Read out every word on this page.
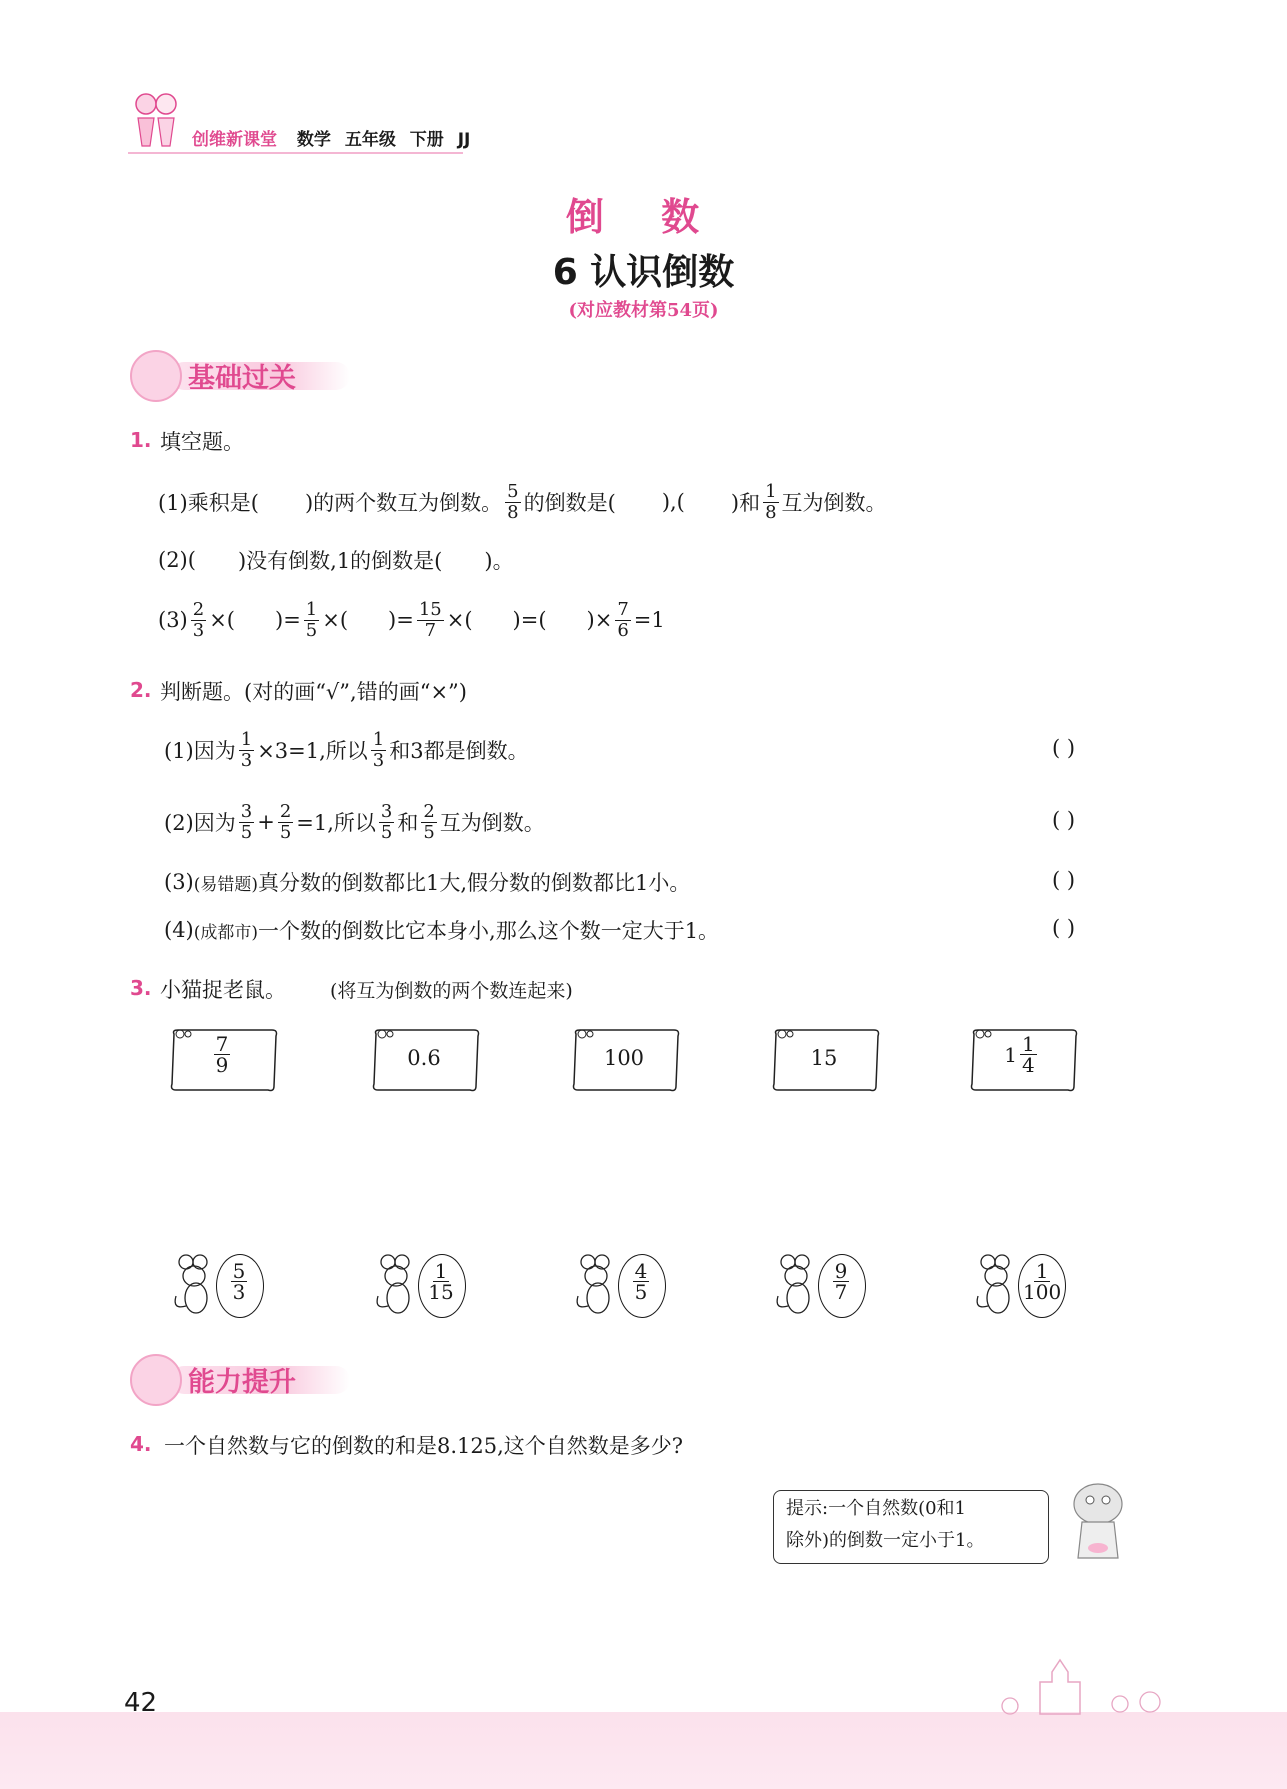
创维新课堂 数学 五年级 下册 JJ
倒 数
6 认识倒数
(对应教材第54页)
基础过关
1. 填空题。
(1)乘积是( )的两个数互为倒数。 $\frac{5}{8}$ 的倒数是( ),( )和 $\frac{1}{8}$ 互为倒数。
(2)( )没有倒数,1的倒数是( )。
$(3) \frac{2}{3}$ ×( )= $\frac{1}{5}$ ×( )= $\frac{15}{7}$ ×( )=( )× $\frac{7}{6} =1$
2. 判断题。(对的画“√”,错的画“×”)
(1)因为 $\frac{1}{3} \times 3=1$,所以 $\frac{1}{3}$ 和3都是倒数。	( )
(2)因为 $\frac{3}{5} + \frac{2}{5} =1$,所以 $\frac{3}{5}$ 和 $\frac{2}{5}$ 互为倒数。	( )
(3) (易错题) 真分数的倒数都比1大,假分数的倒数都比1小。	( )
(4) (成都市) 一个数的倒数比它本身小,那么这个数一定大于1。	( )
3. 小猫捉老鼠。 (将互为倒数的两个数连起来)
$\frac{7}{9}$	0.6	100	15	$1 \frac{1}{4}$
$\frac{5}{3}$	$\frac{1}{15}$	$\frac{4}{5}$	$\frac{9}{7}$	$\frac{1}{100}$
能力提升
4. 一个自然数与它的倒数的和是8.125,这个自然数是多少?
提示:一个自然数(0和1
除外)的倒数一定小于1。
42
